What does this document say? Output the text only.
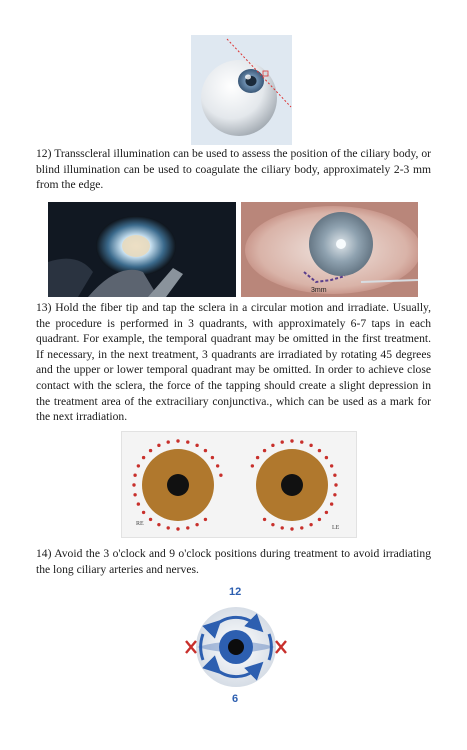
12) Transscleral illumination can be used to assess the position of the ciliary body, or blind illumination can be used to coagulate the ciliary body, approximately 2-3 mm from the edge.

3mm

13) Hold the fiber tip and tap the sclera in a circular motion and irradiate. Usually, the procedure is performed in 3 quadrants, with approximately 6-7 taps in each quadrant. For example, the temporal quadrant may be omitted in the first treatment. If necessary, in the next treatment, 3 quadrants are irradiated by rotating 45 degrees and the upper or lower temporal quadrant may be omitted. In order to achieve close contact with the sclera, the force of the tapping should create a slight depression in the treatment area of the extraciliary conjunctiva., which can be used as a mark for the next irradiation.

RE
LE

14) Avoid the 3 o'clock and 9 o'clock positions during treatment to avoid irradiating the long ciliary arteries and nerves.

12
6
